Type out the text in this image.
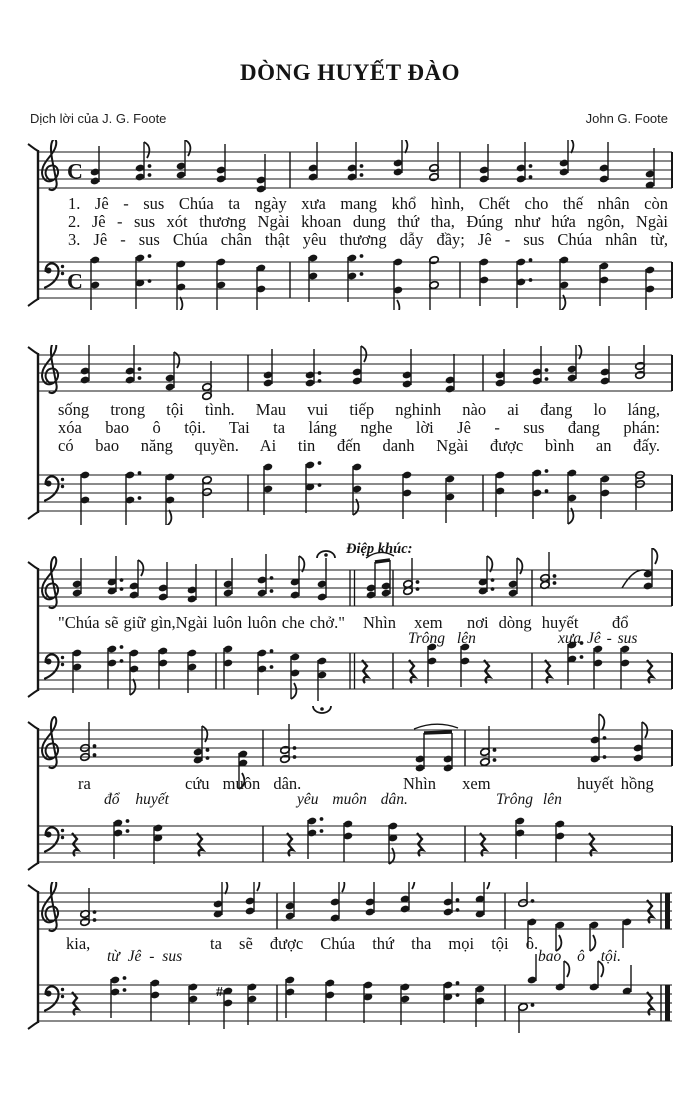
DÒNG HUYẾT ĐÀO
Dịch lời của J. G. Foote	John G. Foote
Điệp khúc:
C
C
#
1. Jê - sus Chúa ta ngày xưa mang khổ hình, Chết cho thế nhân còn
2. Jê - sus xót thương Ngài khoan dung thứ tha, Đúng như hứa ngôn, Ngài
3. Jê - sus Chúa chân thật yêu thương dẫy đầy; Jê - sus Chúa nhân từ,
sống trong tội tình. Mau vui tiếp nghinh nào ai đang lo láng,
xóa bao ô tội. Tai ta láng nghe lời Jê - sus đang phán:
có bao năng quyền. Ai tin đến danh Ngài được bình an đấy.
"Chúa sẽ giữ gìn,Ngài luôn luôn che chở." Nhìn xem nơi dòng huyết đổ
Trông lên	xưa Jê - sus
ra	cứu muôn dân.	Nhìn xem	huyết hồng
đổ huyết	yêu muôn dân.	Trông lên
kia,	ta sẽ được Chúa thứ tha mọi tội ô.
từ Jê - sus	bao ô tội.
